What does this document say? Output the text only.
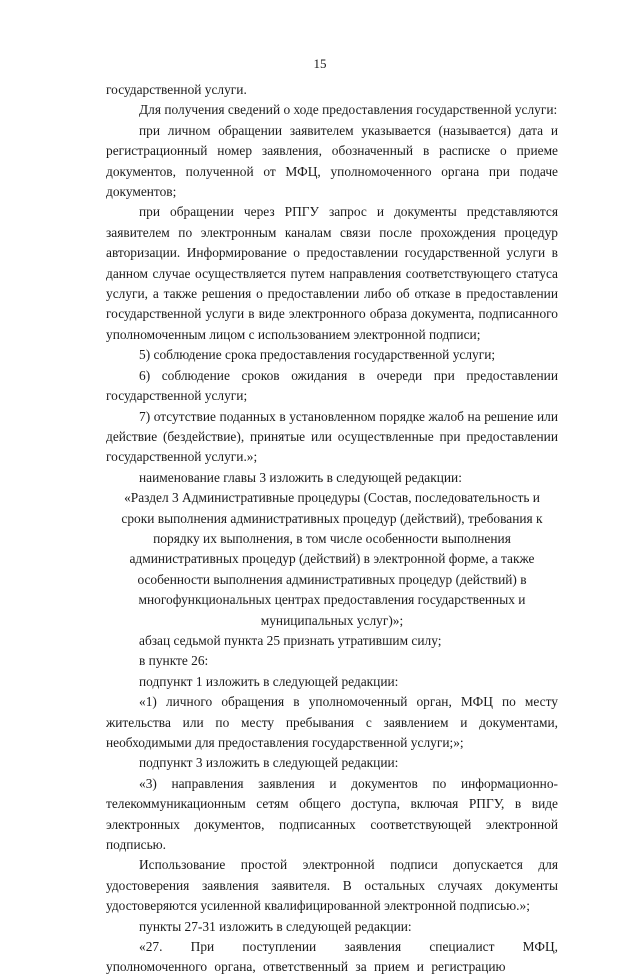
15

государственной услуги.

Для получения сведений о ходе предоставления государственной услуги:

при личном обращении заявителем указывается (называется) дата и регистрационный номер заявления, обозначенный в расписке о приеме документов, полученной от МФЦ, уполномоченного органа при подаче документов;

при обращении через РПГУ запрос и документы представляются заявителем по электронным каналам связи после прохождения процедур авторизации. Информирование о предоставлении государственной услуги в данном случае осуществляется путем направления соответствующего статуса услуги, а также решения о предоставлении либо об отказе в предоставлении государственной услуги в виде электронного образа документа, подписанного уполномоченным лицом с использованием электронной подписи;

5) соблюдение срока предоставления государственной услуги;

6) соблюдение сроков ожидания в очереди при предоставлении государственной услуги;

7) отсутствие поданных в установленном порядке жалоб на решение или действие (бездействие), принятые или осуществленные при предоставлении государственной услуги.»;

наименование главы 3 изложить в следующей редакции:

«Раздел 3 Административные процедуры (Состав, последовательность и сроки выполнения административных процедур (действий), требования к порядку их выполнения, в том числе особенности выполнения административных процедур (действий) в электронной форме, а также особенности выполнения административных процедур (действий) в многофункциональных центрах предоставления государственных и муниципальных услуг)»;

абзац седьмой пункта 25 признать утратившим силу;

в пункте 26:

подпункт 1 изложить в следующей редакции:

«1) личного обращения в уполномоченный орган, МФЦ по месту жительства или по месту пребывания с заявлением и документами, необходимыми для предоставления государственной услуги;»;

подпункт 3 изложить в следующей редакции:

«3) направления заявления и документов по информационно-телекоммуникационным сетям общего доступа, включая РПГУ, в виде электронных документов, подписанных соответствующей электронной подписью.

Использование простой электронной подписи допускается для удостоверения заявления заявителя. В остальных случаях документы удостоверяются усиленной квалифицированной электронной подписью.»;

пункты 27-31 изложить в следующей редакции:

«27. При поступлении заявления специалист МФЦ, уполномоченного органа, ответственный за прием и регистрацию
